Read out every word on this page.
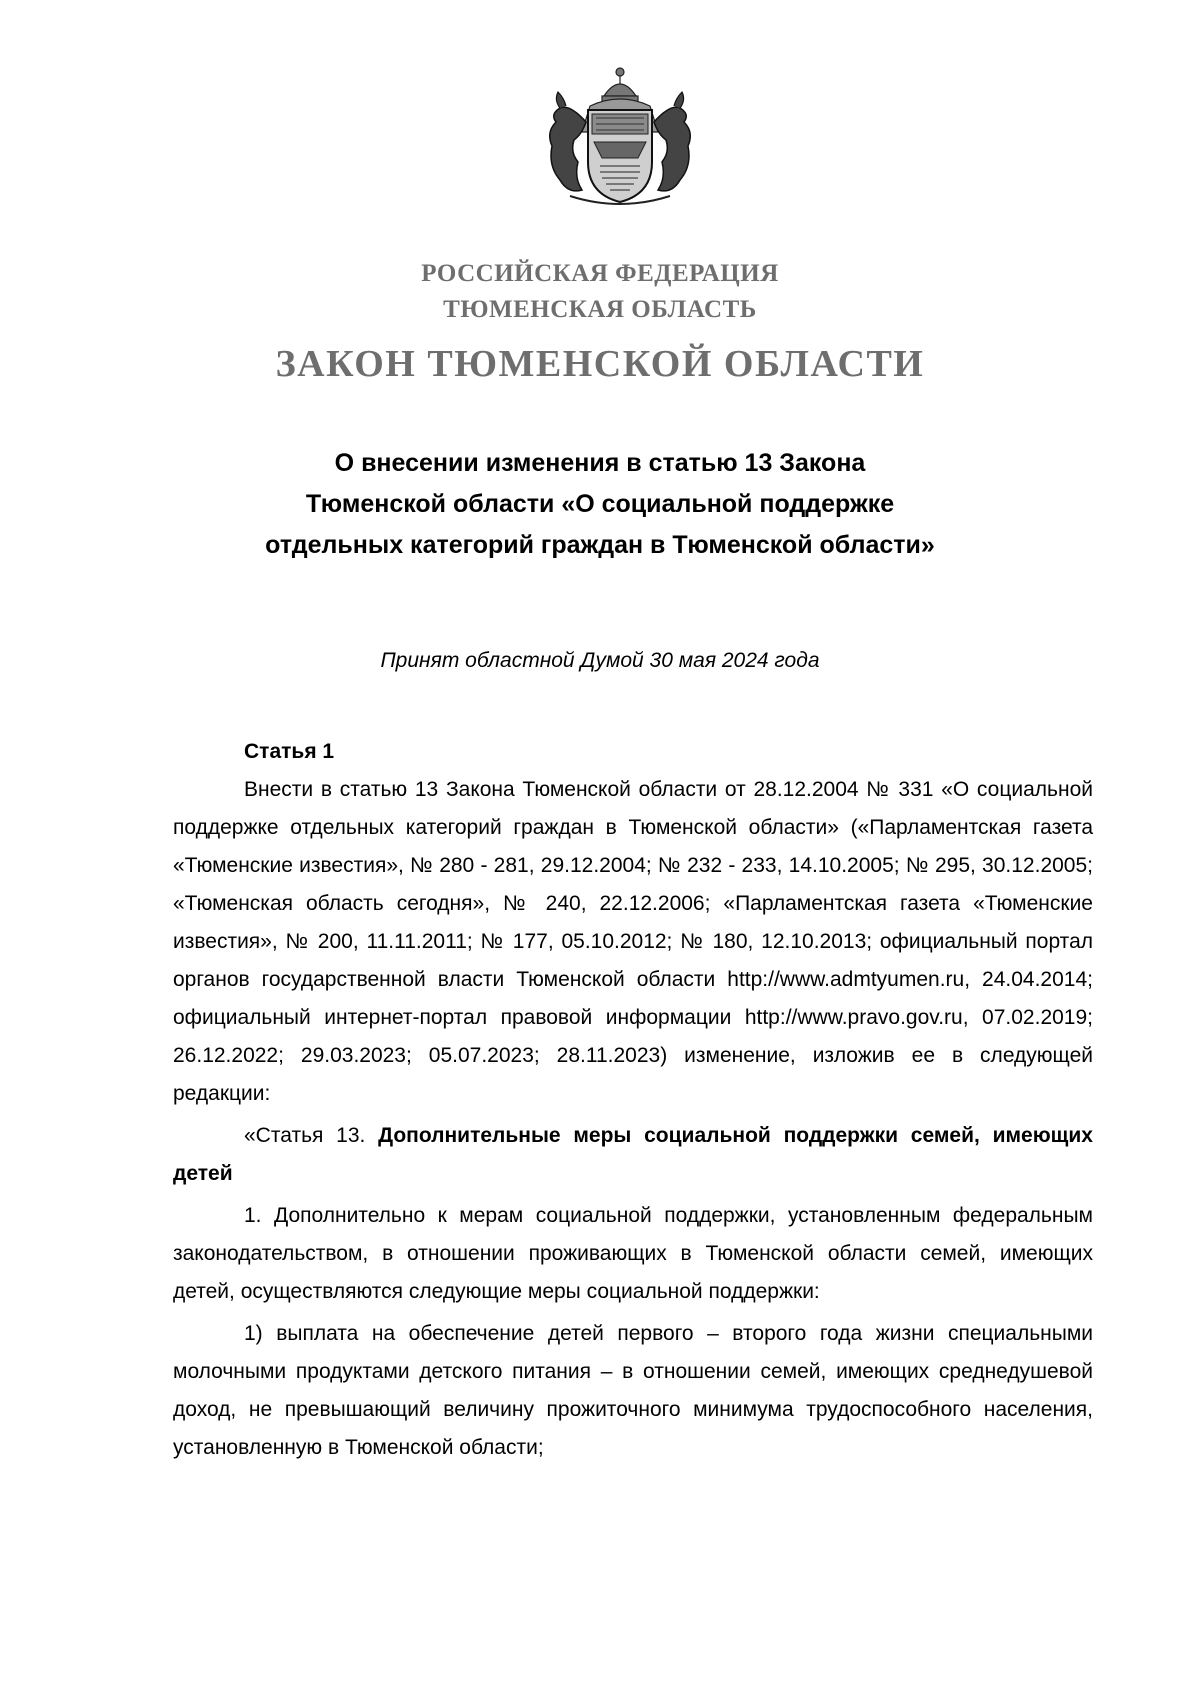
РОССИЙСКАЯ ФЕДЕРАЦИЯ
ТЮМЕНСКАЯ ОБЛАСТЬ
ЗАКОН ТЮМЕНСКОЙ ОБЛАСТИ
О внесении изменения в статью 13 Закона
Тюменской области «О социальной поддержке
отдельных категорий граждан в Тюменской области»
Принят областной Думой 30 мая 2024 года
Статья 1

Внести в статью 13 Закона Тюменской области от 28.12.2004 № 331 «О социальной поддержке отдельных категорий граждан в Тюменской области» («Парламентская газета «Тюменские известия», № 280 - 281, 29.12.2004; № 232 - 233, 14.10.2005; № 295, 30.12.2005; «Тюменская область сегодня», № 240, 22.12.2006; «Парламентская газета «Тюменские известия», № 200, 11.11.2011; № 177, 05.10.2012; № 180, 12.10.2013; официальный портал органов государственной власти Тюменской области http://www.admtyumen.ru, 24.04.2014; официальный интернет-портал правовой информации http://www.pravo.gov.ru, 07.02.2019; 26.12.2022; 29.03.2023; 05.07.2023; 28.11.2023) изменение, изложив ее в следующей редакции:

«Статья 13. Дополнительные меры социальной поддержки семей, имеющих детей

1. Дополнительно к мерам социальной поддержки, установленным федеральным законодательством, в отношении проживающих в Тюменской области семей, имеющих детей, осуществляются следующие меры социальной поддержки:

1) выплата на обеспечение детей первого – второго года жизни специальными молочными продуктами детского питания – в отношении семей, имеющих среднедушевой доход, не превышающий величину прожиточного минимума трудоспособного населения, установленную в Тюменской области;
